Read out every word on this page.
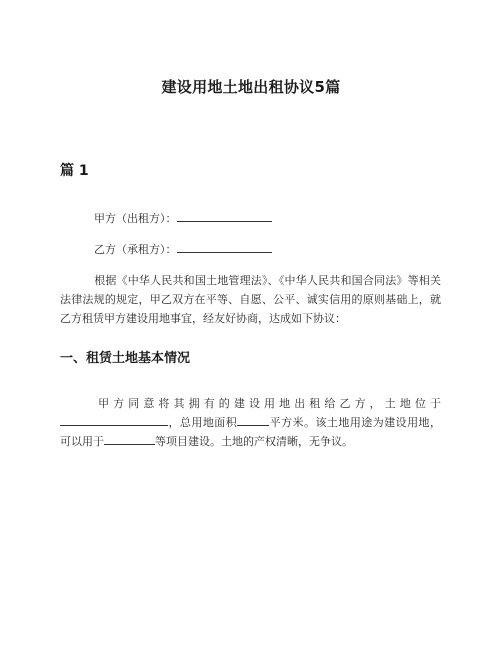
建设用地土地出租协议5篇
篇 1
甲方（出租方）：
乙方（承租方）：
根据《中华人民共和国土地管理法》、《中华人民共和国合同法》等相关法律法规的规定，甲乙双方在平等、自愿、公平、诚实信用的原则基础上，就乙方租赁甲方建设用地事宜，经友好协商，达成如下协议：
一、租赁土地基本情况
甲方同意将其拥有的建设用地出租给乙方，土地位于，总用地面积	平方米。该土地用途为建设用地，可以用于	等项目建设。土地的产权清晰，无争议。
